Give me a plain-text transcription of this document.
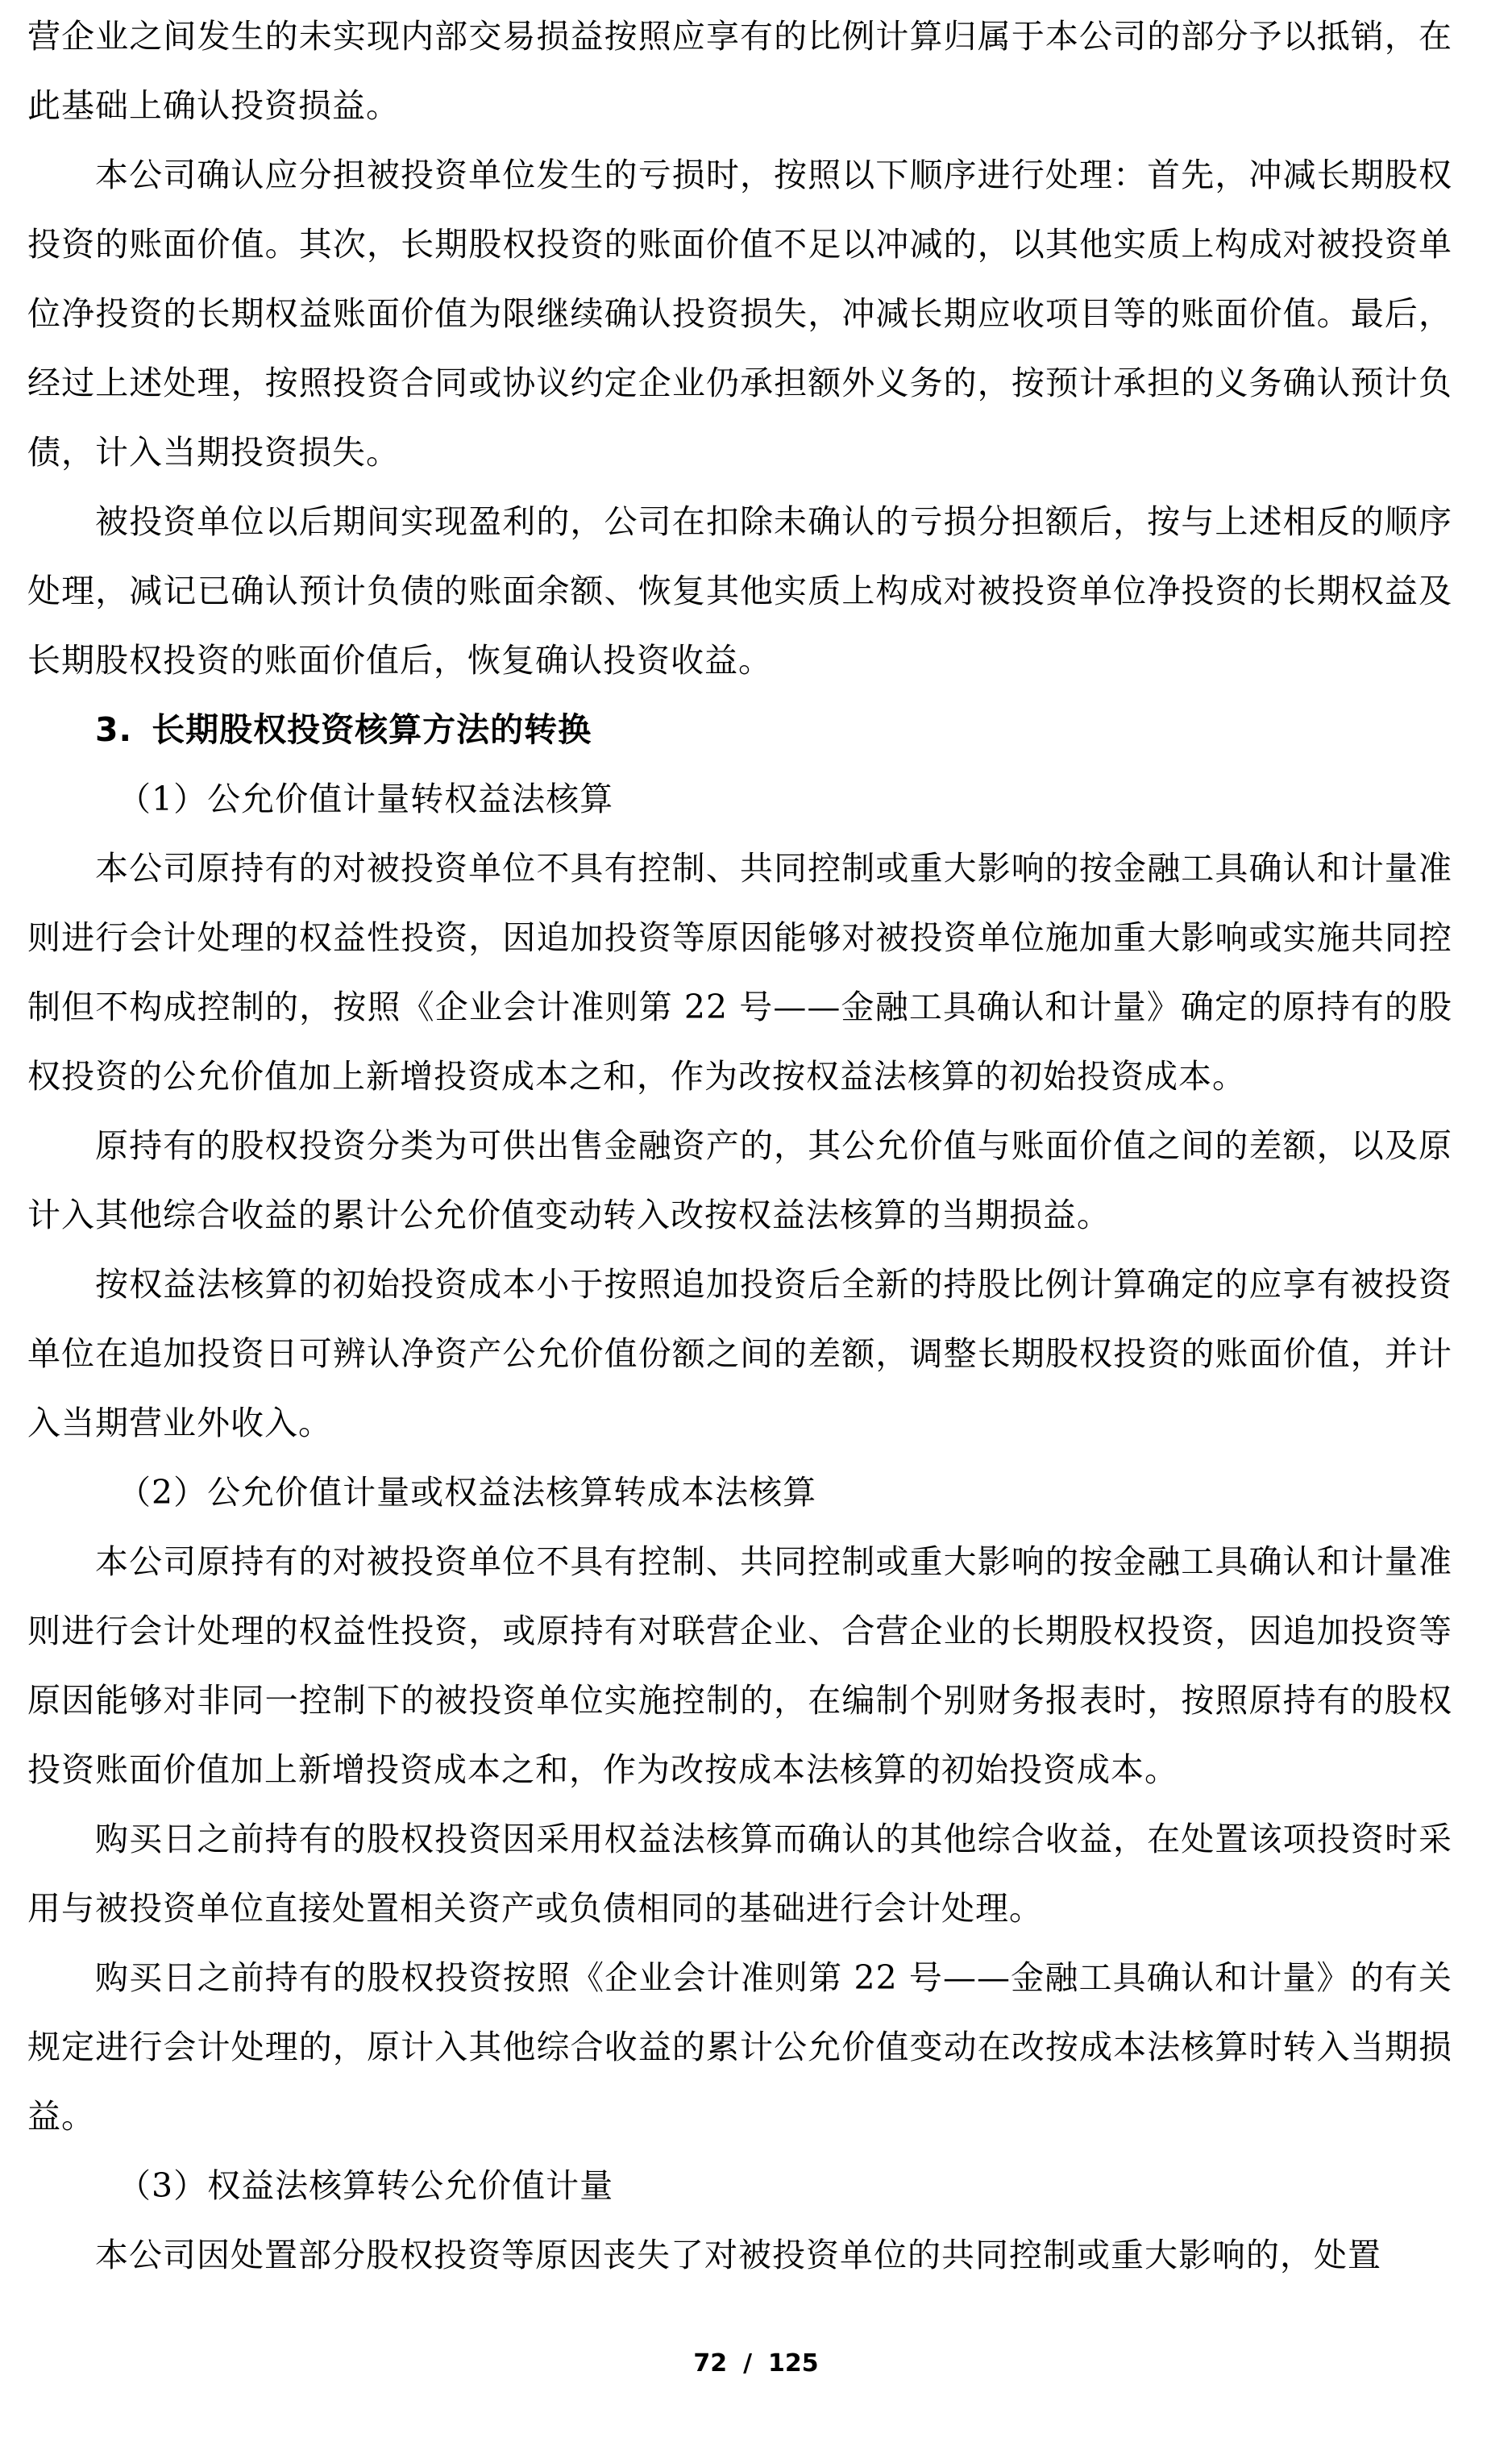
营企业之间发生的未实现内部交易损益按照应享有的比例计算归属于本公司的部分予以抵销，在此基础上确认投资损益。

本公司确认应分担被投资单位发生的亏损时，按照以下顺序进行处理：首先，冲减长期股权投资的账面价值。其次，长期股权投资的账面价值不足以冲减的，以其他实质上构成对被投资单位净投资的长期权益账面价值为限继续确认投资损失，冲减长期应收项目等的账面价值。最后，经过上述处理，按照投资合同或协议约定企业仍承担额外义务的，按预计承担的义务确认预计负债，计入当期投资损失。

被投资单位以后期间实现盈利的，公司在扣除未确认的亏损分担额后，按与上述相反的顺序处理，减记已确认预计负债的账面余额、恢复其他实质上构成对被投资单位净投资的长期权益及长期股权投资的账面价值后，恢复确认投资收益。

3. 长期股权投资核算方法的转换

（1）公允价值计量转权益法核算

本公司原持有的对被投资单位不具有控制、共同控制或重大影响的按金融工具确认和计量准则进行会计处理的权益性投资，因追加投资等原因能够对被投资单位施加重大影响或实施共同控制但不构成控制的，按照《企业会计准则第 22 号——金融工具确认和计量》确定的原持有的股权投资的公允价值加上新增投资成本之和，作为改按权益法核算的初始投资成本。

原持有的股权投资分类为可供出售金融资产的，其公允价值与账面价值之间的差额，以及原计入其他综合收益的累计公允价值变动转入改按权益法核算的当期损益。

按权益法核算的初始投资成本小于按照追加投资后全新的持股比例计算确定的应享有被投资单位在追加投资日可辨认净资产公允价值份额之间的差额，调整长期股权投资的账面价值，并计入当期营业外收入。

（2）公允价值计量或权益法核算转成本法核算

本公司原持有的对被投资单位不具有控制、共同控制或重大影响的按金融工具确认和计量准则进行会计处理的权益性投资，或原持有对联营企业、合营企业的长期股权投资，因追加投资等原因能够对非同一控制下的被投资单位实施控制的，在编制个别财务报表时，按照原持有的股权投资账面价值加上新增投资成本之和，作为改按成本法核算的初始投资成本。

购买日之前持有的股权投资因采用权益法核算而确认的其他综合收益，在处置该项投资时采用与被投资单位直接处置相关资产或负债相同的基础进行会计处理。

购买日之前持有的股权投资按照《企业会计准则第 22 号——金融工具确认和计量》的有关规定进行会计处理的，原计入其他综合收益的累计公允价值变动在改按成本法核算时转入当期损益。

（3）权益法核算转公允价值计量

本公司因处置部分股权投资等原因丧失了对被投资单位的共同控制或重大影响的，处置

72 / 125
